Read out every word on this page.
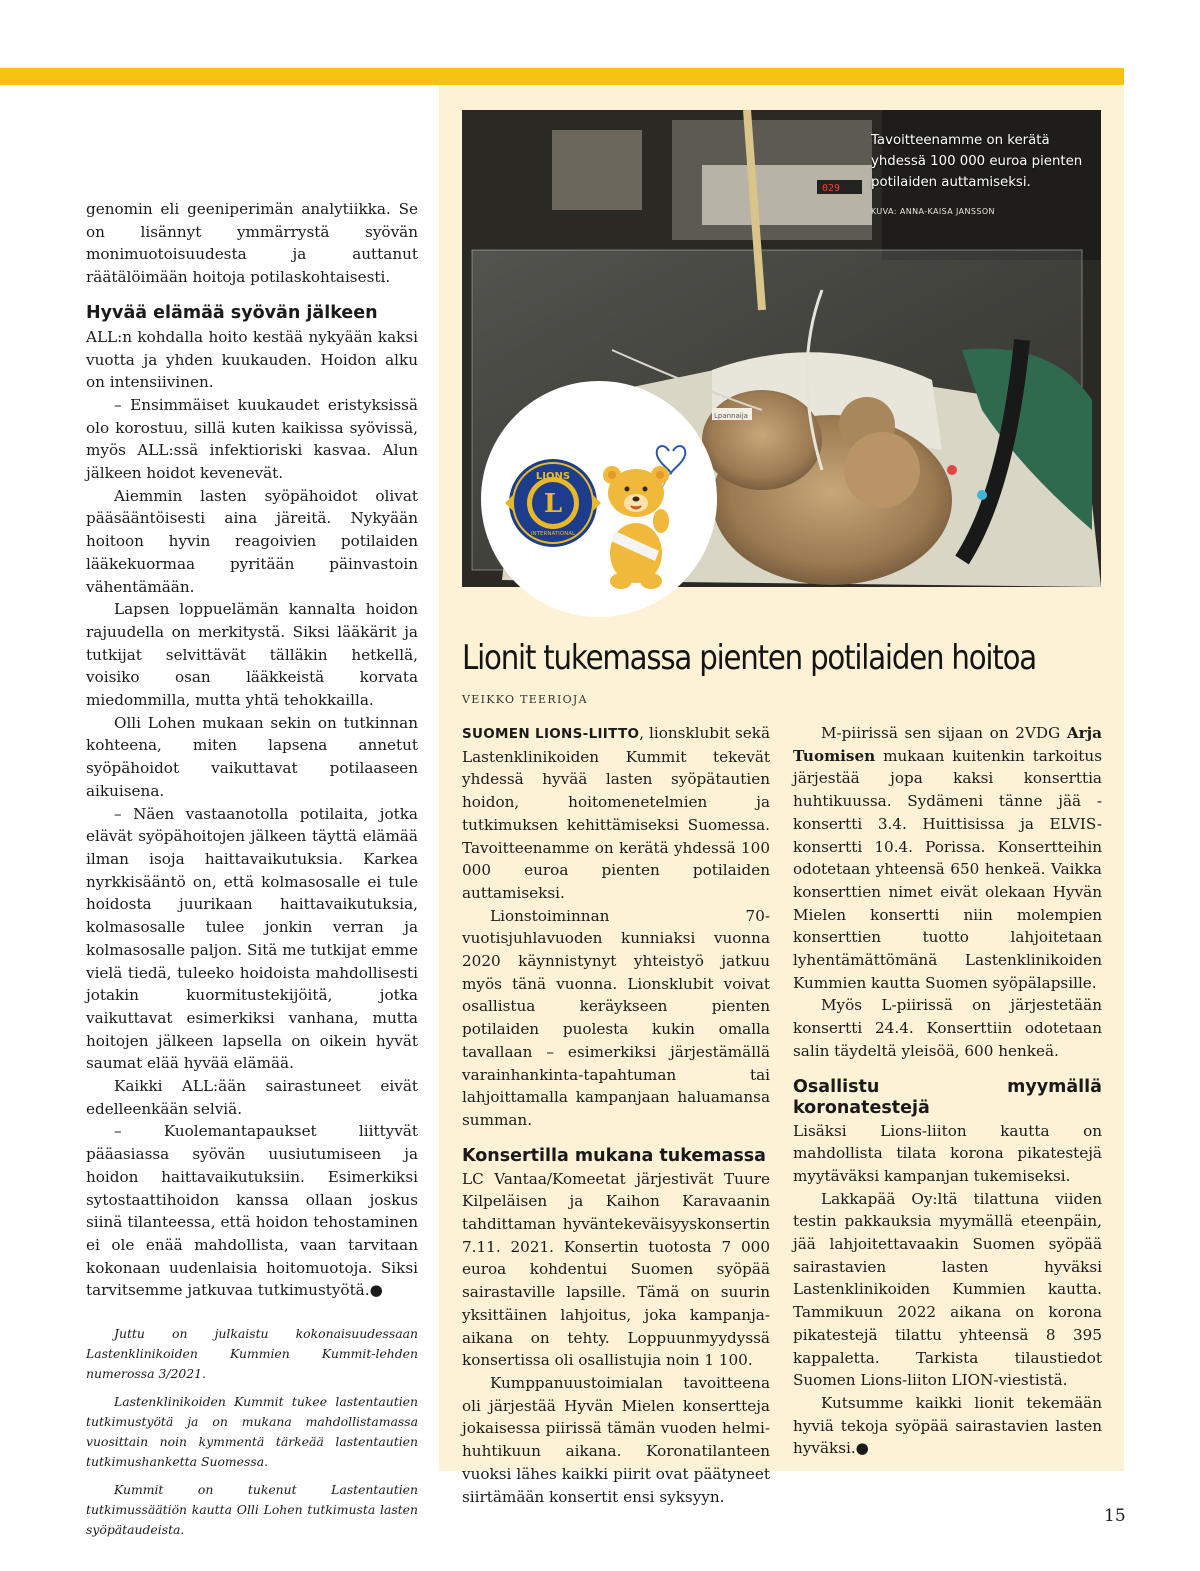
genomin eli geeniperimän analytiikka. Se on lisännyt ymmärrystä syövän monimuotoisuudesta ja auttanut räätälöimään hoitoja potilaskohtaisesti.

Hyvää elämää syövän jälkeen

ALL:n kohdalla hoito kestää nykyään kaksi vuotta ja yhden kuukauden. Hoidon alku on intensiivinen.

– Ensimmäiset kuukaudet eristyksissä olo korostuu, sillä kuten kaikissa syövissä, myös ALL:ssä infektioriski kasvaa. Alun jälkeen hoidot kevenevät.

Aiemmin lasten syöpähoidot olivat pääsääntöisesti aina järeitä. Nykyään hoitoon hyvin reagoivien potilaiden lääkekuormaa pyritään päinvastoin vähentämään.

Lapsen loppuelämän kannalta hoidon rajuudella on merkitystä. Siksi lääkärit ja tutkijat selvittävät tälläkin hetkellä, voisiko osan lääkkeistä korvata miedommilla, mutta yhtä tehokkailla.

Olli Lohen mukaan sekin on tutkinnan kohteena, miten lapsena annetut syöpähoidot vaikuttavat potilaaseen aikuisena.

– Näen vastaanotolla potilaita, jotka elävät syöpähoitojen jälkeen täyttä elämää ilman isoja haittavaikutuksia. Karkea nyrkkisääntö on, että kolmasosalle ei tule hoidosta juurikaan haittavaikutuksia, kolmasosalle tulee jonkin verran ja kolmasosalle paljon. Sitä me tutkijat emme vielä tiedä, tuleeko hoidoista mahdollisesti jotakin kuormitustekijöitä, jotka vaikuttavat esimerkiksi vanhana, mutta hoitojen jälkeen lapsella on oikein hyvät saumat elää hyvää elämää.

Kaikki ALL:ään sairastuneet eivät edelleenkään selviä.

– Kuolemantapaukset liittyvät pääasiassa syövän uusiutumiseen ja hoidon haittavaikutuksiin. Esimerkiksi sytostaattihoidon kanssa ollaan joskus siinä tilanteessa, että hoidon tehostaminen ei ole enää mahdollista, vaan tarvitaan kokonaan uudenlaisia hoitomuotoja. Siksi tarvitsemme jatkuvaa tutkimustyötä.●

Juttu on julkaistu kokonaisuudessaan Lastenklinikoiden Kummien Kummit-lehden numerossa 3/2021.

Lastenklinikoiden Kummit tukee lastentautien tutkimustyötä ja on mukana mahdollistamassa vuosittain noin kymmentä tärkeää lastentautien tutkimushanketta Suomessa.

Kummit on tukenut Lastentautien tutkimussäätiön kautta Olli Lohen tutkimusta lasten syöpätaudeista.

029
Lpannaija
Tavoitteenamme on kerätä yhdessä 100 000 euroa pienten potilaiden auttamiseksi.
KUVA: ANNA-KAISA JANSSON
L
LIONS
INTERNATIONAL
Lionit tukemassa pienten potilaiden hoitoa
VEIKKO TEERIOJA

SUOMEN LIONS-LIITTO, lionsklubit sekä Lastenklinikoiden Kummit tekevät yhdessä hyvää lasten syöpätautien hoidon, hoitomenetelmien ja tutkimuksen kehittämiseksi Suomessa. Tavoitteenamme on kerätä yhdessä 100 000 euroa pienten potilaiden auttamiseksi.

Lionstoiminnan 70-vuotisjuhlavuoden kunniaksi vuonna 2020 käynnistynyt yhteistyö jatkuu myös tänä vuonna. Lionsklubit voivat osallistua keräykseen pienten potilaiden puolesta kukin omalla tavallaan – esimerkiksi järjestämällä varainhankinta-tapahtuman tai lahjoittamalla kampanjaan haluamansa summan.

Konsertilla mukana tukemassa

LC Vantaa/Komeetat järjestivät Tuure Kilpeläisen ja Kaihon Karavaanin tahdittaman hyväntekeväisyyskonsertin 7.11. 2021. Konsertin tuotosta 7 000 euroa kohdentui Suomen syöpää sairastaville lapsille. Tämä on suurin yksittäinen lahjoitus, joka kampanja-aikana on tehty. Loppuunmyydyssä konsertissa oli osallistujia noin 1 100.

Kumppanuustoimialan tavoitteena oli järjestää Hyvän Mielen konsertteja jokaisessa piirissä tämän vuoden helmi-huhtikuun aikana. Koronatilanteen vuoksi lähes kaikki piirit ovat päätyneet siirtämään konsertit ensi syksyyn.

M-piirissä sen sijaan on 2VDG Arja Tuomisen mukaan kuitenkin tarkoitus järjestää jopa kaksi konserttia huhtikuussa. Sydämeni tänne jää -konsertti 3.4. Huittisissa ja ELVIS-konsertti 10.4. Porissa. Konsertteihin odotetaan yhteensä 650 henkeä. Vaikka konserttien nimet eivät olekaan Hyvän Mielen konsertti niin molempien konserttien tuotto lahjoitetaan lyhentämättömänä Lastenklinikoiden Kummien kautta Suomen syöpälapsille.

Myös L-piirissä on järjestetään konsertti 24.4. Konserttiin odotetaan salin täydeltä yleisöä, 600 henkeä.

Osallistu myymällä koronatestejä

Lisäksi Lions-liiton kautta on mahdollista tilata korona pikatestejä myytäväksi kampanjan tukemiseksi.

Lakkapää Oy:ltä tilattuna viiden testin pakkauksia myymällä eteenpäin, jää lahjoitettavaakin Suomen syöpää sairastavien lasten hyväksi Lastenklinikoiden Kummien kautta. Tammikuun 2022 aikana on korona pikatestejä tilattu yhteensä 8 395 kappaletta. Tarkista tilaustiedot Suomen Lions-liiton LION-viestistä.

Kutsumme kaikki lionit tekemään hyviä tekoja syöpää sairastavien lasten hyväksi.●

15
